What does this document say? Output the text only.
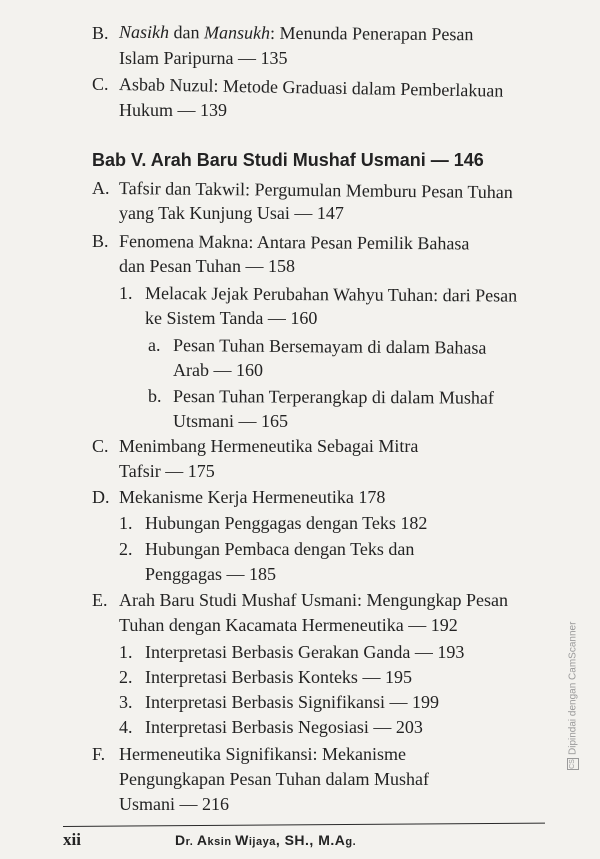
B. Nasikh dan Mansukh: Menunda Penerapan Pesan
Islam Paripurna — 135
C. Asbab Nuzul: Metode Graduasi dalam Pemberlakuan
Hukum — 139
Bab V. Arah Baru Studi Mushaf Usmani — 146
A. Tafsir dan Takwil: Pergumulan Memburu Pesan Tuhan
yang Tak Kunjung Usai — 147
B. Fenomena Makna: Antara Pesan Pemilik Bahasa
dan Pesan Tuhan — 158
1. Melacak Jejak Perubahan Wahyu Tuhan: dari Pesan
ke Sistem Tanda — 160
a. Pesan Tuhan Bersemayam di dalam Bahasa
Arab — 160
b. Pesan Tuhan Terperangkap di dalam Mushaf
Utsmani — 165
C. Menimbang Hermeneutika Sebagai Mitra
Tafsir — 175
D. Mekanisme Kerja Hermeneutika 178
1. Hubungan Penggagas dengan Teks 182
2. Hubungan Pembaca dengan Teks dan
Penggagas — 185
E. Arah Baru Studi Mushaf Usmani: Mengungkap Pesan
Tuhan dengan Kacamata Hermeneutika — 192
1. Interpretasi Berbasis Gerakan Ganda — 193
2. Interpretasi Berbasis Konteks — 195
3. Interpretasi Berbasis Signifikansi — 199
4. Interpretasi Berbasis Negosiasi — 203
F. Hermeneutika Signifikansi: Mekanisme
Pengungkapan Pesan Tuhan dalam Mushaf
Usmani — 216
xii	Dr. Aksin Wijaya, SH., M.Ag.
CSDipindai dengan CamScanner
